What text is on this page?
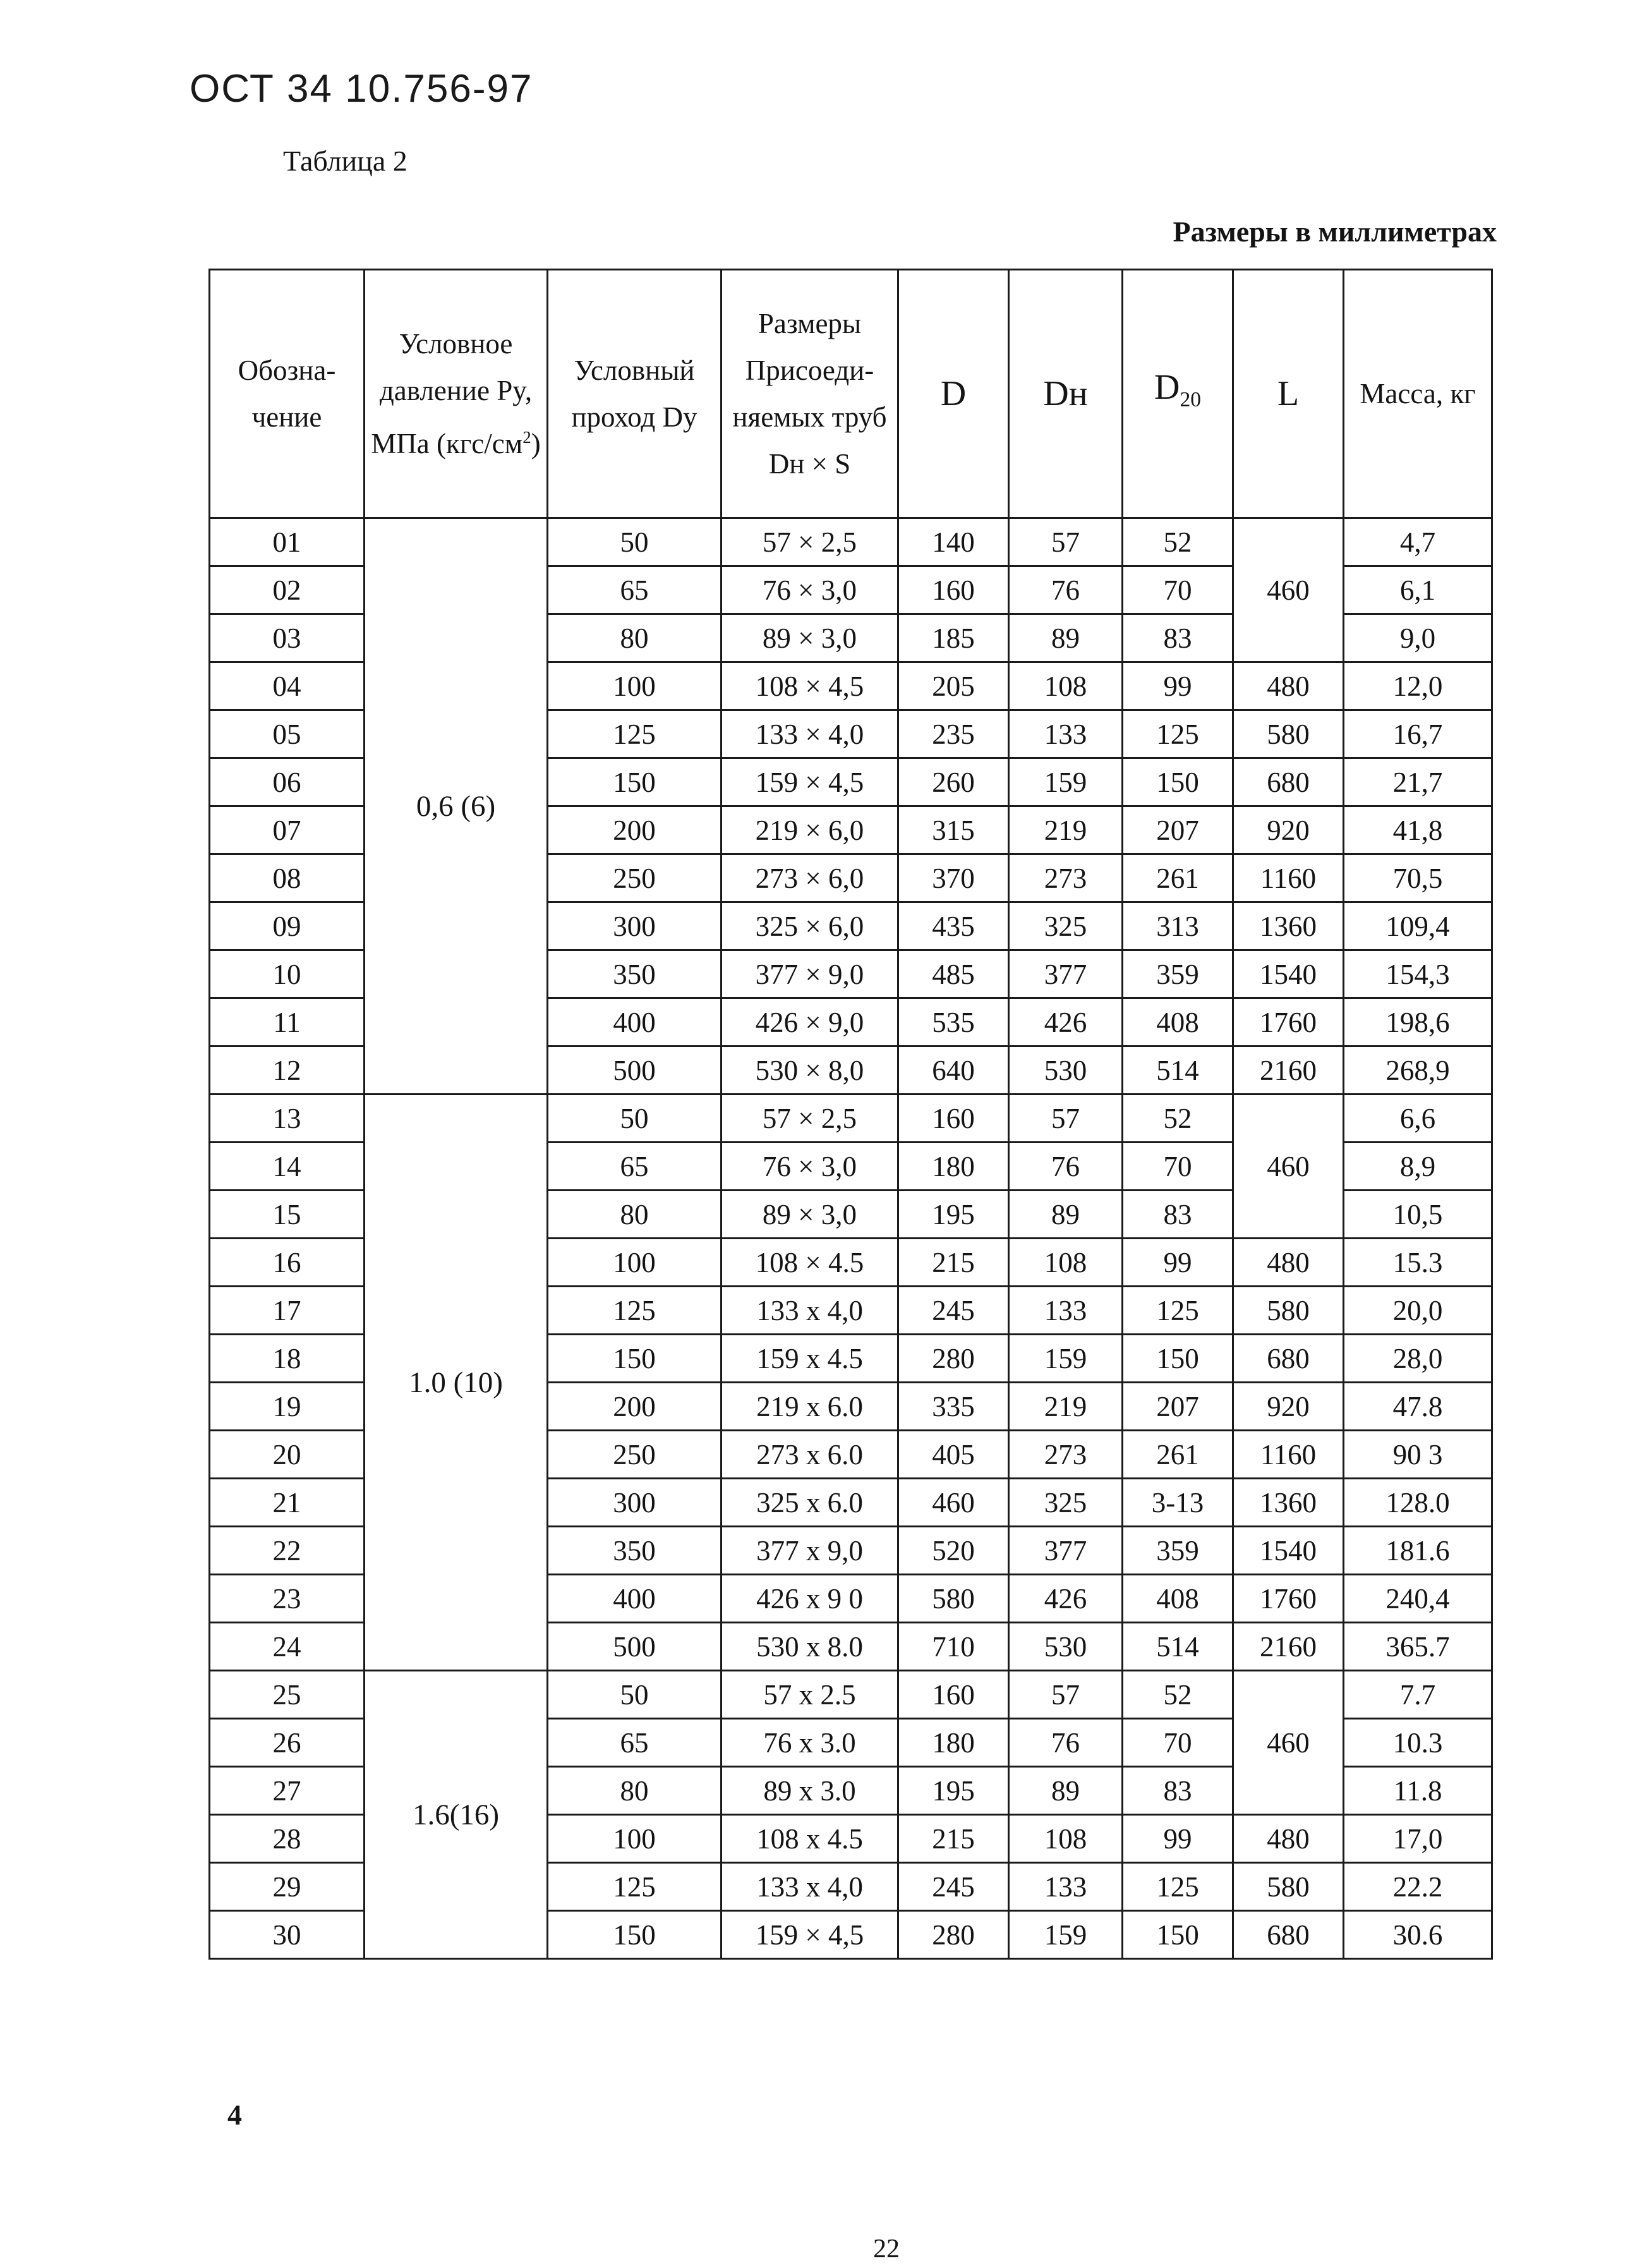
ОСТ 34 10.756-97
Таблица 2
Размеры в миллиметрах
Обозна-чение	Условное давление Py, МПа $(кгс/см^2)$	Условный проход Dy	Размеры Присоеди-няемых труб Dн × S	D	Dн	$D_{20}$	L	Масса, кг
01	0,6 (6)	50	57 × 2,5	140	57	52	460	4,7
02		65	76 × 3,0	160	76	70		6,1
03		80	89 × 3,0	185	89	83		9,0
04		100	108 × 4,5	205	108	99	480	12,0
05		125	133 × 4,0	235	133	125	580	16,7
06		150	159 × 4,5	260	159	150	680	21,7
07		200	219 × 6,0	315	219	207	920	41,8
08		250	273 × 6,0	370	273	261	1160	70,5
09		300	325 × 6,0	435	325	313	1360	109,4
10		350	377 × 9,0	485	377	359	1540	154,3
11		400	426 × 9,0	535	426	408	1760	198,6
12		500	530 × 8,0	640	530	514	2160	268,9
13	1.0 (10)	50	57 × 2,5	160	57	52	460	6,6
14		65	76 × 3,0	180	76	70		8,9
15		80	89 × 3,0	195	89	83		10,5
16		100	108 × 4.5	215	108	99	480	15.3
17		125	133 x 4,0	245	133	125	580	20,0
18		150	159 x 4.5	280	159	150	680	28,0
19		200	219 x 6.0	335	219	207	920	47.8
20		250	273 x 6.0	405	273	261	1160	90 3
21		300	325 x 6.0	460	325	3-13	1360	128.0
22		350	377 x 9,0	520	377	359	1540	181.6
23		400	426 x 9 0	580	426	408	1760	240,4
24		500	530 x 8.0	710	530	514	2160	365.7
25	1.6(16)	50	57 x 2.5	160	57	52	460	7.7
26		65	76 x 3.0	180	76	70		10.3
27		80	89 x 3.0	195	89	83		11.8
28		100	108 x 4.5	215	108	99	480	17,0
29		125	133 x 4,0	245	133	125	580	22.2
30		150	159 × 4,5	280	159	150	680	30.6
4
22
